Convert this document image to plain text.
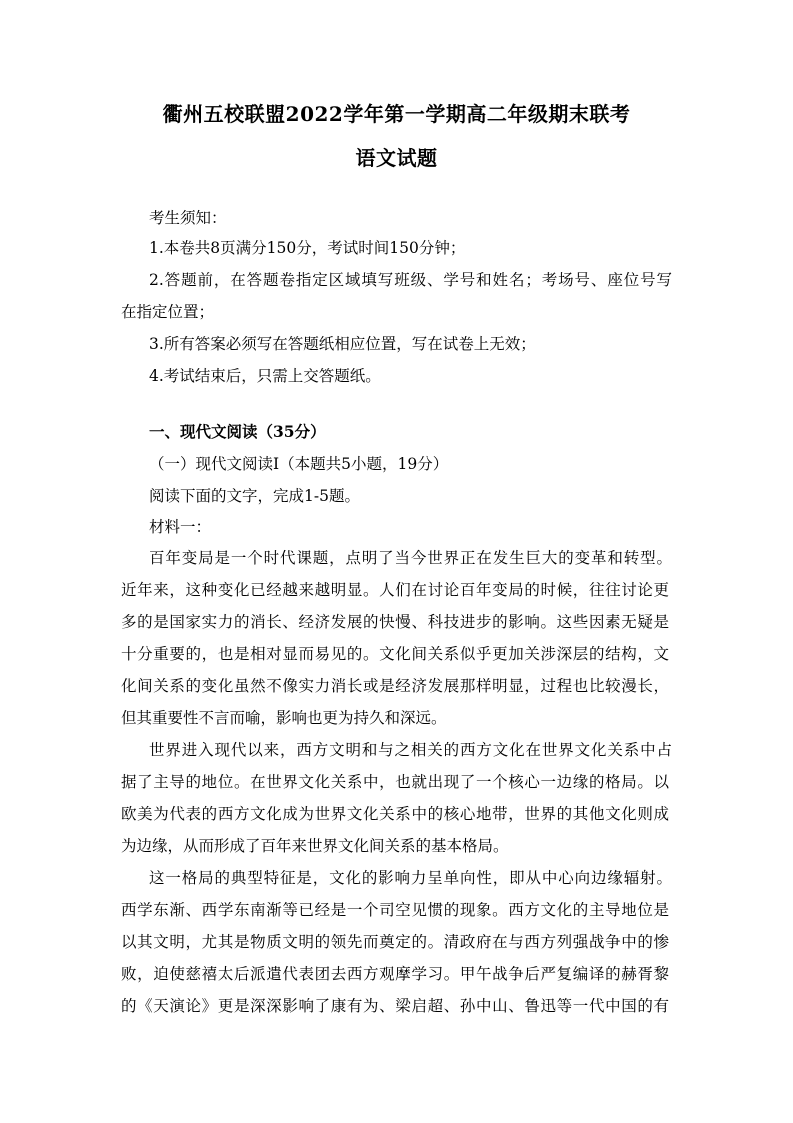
衢州五校联盟2022学年第一学期高二年级期末联考
语文试题
考生须知：
1.本卷共8页满分150分，考试时间150分钟；
2.答题前，在答题卷指定区域填写班级、学号和姓名；考场号、座位号写
在指定位置；
3.所有答案必须写在答题纸相应位置，写在试卷上无效；
4.考试结束后，只需上交答题纸。
一、现代文阅读（35分）
（一）现代文阅读I（本题共5小题，19分）
阅读下面的文字，完成1-5题。
材料一：
百年变局是一个时代课题，点明了当今世界正在发生巨大的变革和转型。
近年来，这种变化已经越来越明显。人们在讨论百年变局的时候，往往讨论更
多的是国家实力的消长、经济发展的快慢、科技进步的影响。这些因素无疑是
十分重要的，也是相对显而易见的。文化间关系似乎更加关涉深层的结构，文
化间关系的变化虽然不像实力消长或是经济发展那样明显，过程也比较漫长，
但其重要性不言而喻，影响也更为持久和深远。
世界进入现代以来，西方文明和与之相关的西方文化在世界文化关系中占
据了主导的地位。在世界文化关系中，也就出现了一个核心一边缘的格局。以
欧美为代表的西方文化成为世界文化关系中的核心地带，世界的其他文化则成
为边缘，从而形成了百年来世界文化间关系的基本格局。
这一格局的典型特征是，文化的影响力呈单向性，即从中心向边缘辐射。
西学东渐、西学东南渐等已经是一个司空见惯的现象。西方文化的主导地位是
以其文明，尤其是物质文明的领先而奠定的。清政府在与西方列强战争中的惨
败，迫使慈禧太后派遣代表团去西方观摩学习。甲午战争后严复编译的赫胥黎
的《天演论》更是深深影响了康有为、梁启超、孙中山、鲁迅等一代中国的有
